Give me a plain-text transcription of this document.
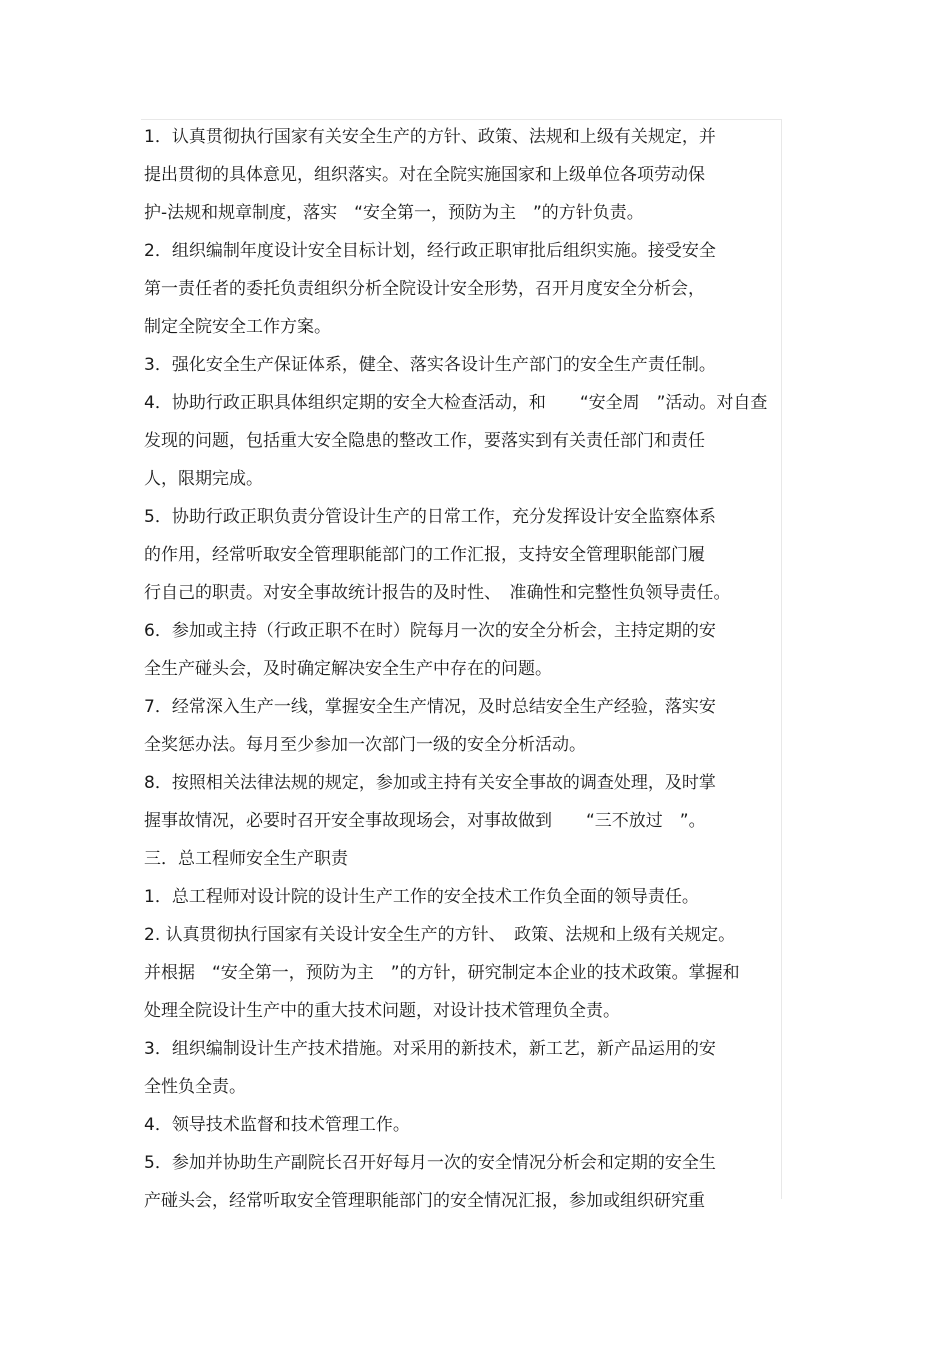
1．认真贯彻执行国家有关安全生产的方针、政策、法规和上级有关规定，并
提出贯彻的具体意见，组织落实。对在全院实施国家和上级单位各项劳动保
护-法规和规章制度，落实　“安全第一，预防为主　”的方针负责。
2．组织编制年度设计安全目标计划，经行政正职审批后组织实施。接受安全
第一责任者的委托负责组织分析全院设计安全形势，召开月度安全分析会，
制定全院安全工作方案。
3．强化安全生产保证体系，健全、落实各设计生产部门的安全生产责任制。
4．协助行政正职具体组织定期的安全大检查活动，和　　“安全周　”活动。对自查
发现的问题，包括重大安全隐患的整改工作，要落实到有关责任部门和责任
人，限期完成。
5．协助行政正职负责分管设计生产的日常工作，充分发挥设计安全监察体系
的作用，经常听取安全管理职能部门的工作汇报，支持安全管理职能部门履
行自己的职责。对安全事故统计报告的及时性、　准确性和完整性负领导责任。
6．参加或主持（行政正职不在时）院每月一次的安全分析会，主持定期的安
全生产碰头会，及时确定解决安全生产中存在的问题。
7．经常深入生产一线，掌握安全生产情况，及时总结安全生产经验，落实安
全奖惩办法。每月至少参加一次部门一级的安全分析活动。
8．按照相关法律法规的规定，参加或主持有关安全事故的调查处理，及时掌
握事故情况，必要时召开安全事故现场会，对事故做到　　“三不放过　”。
三．总工程师安全生产职责
1．总工程师对设计院的设计生产工作的安全技术工作负全面的领导责任。
2. 认真贯彻执行国家有关设计安全生产的方针、　政策、法规和上级有关规定。
并根据　“安全第一，预防为主　”的方针，研究制定本企业的技术政策。掌握和
处理全院设计生产中的重大技术问题，对设计技术管理负全责。
3．组织编制设计生产技术措施。对采用的新技术，新工艺，新产品运用的安
全性负全责。
4．领导技术监督和技术管理工作。
5．参加并协助生产副院长召开好每月一次的安全情况分析会和定期的安全生
产碰头会，经常听取安全管理职能部门的安全情况汇报，参加或组织研究重
